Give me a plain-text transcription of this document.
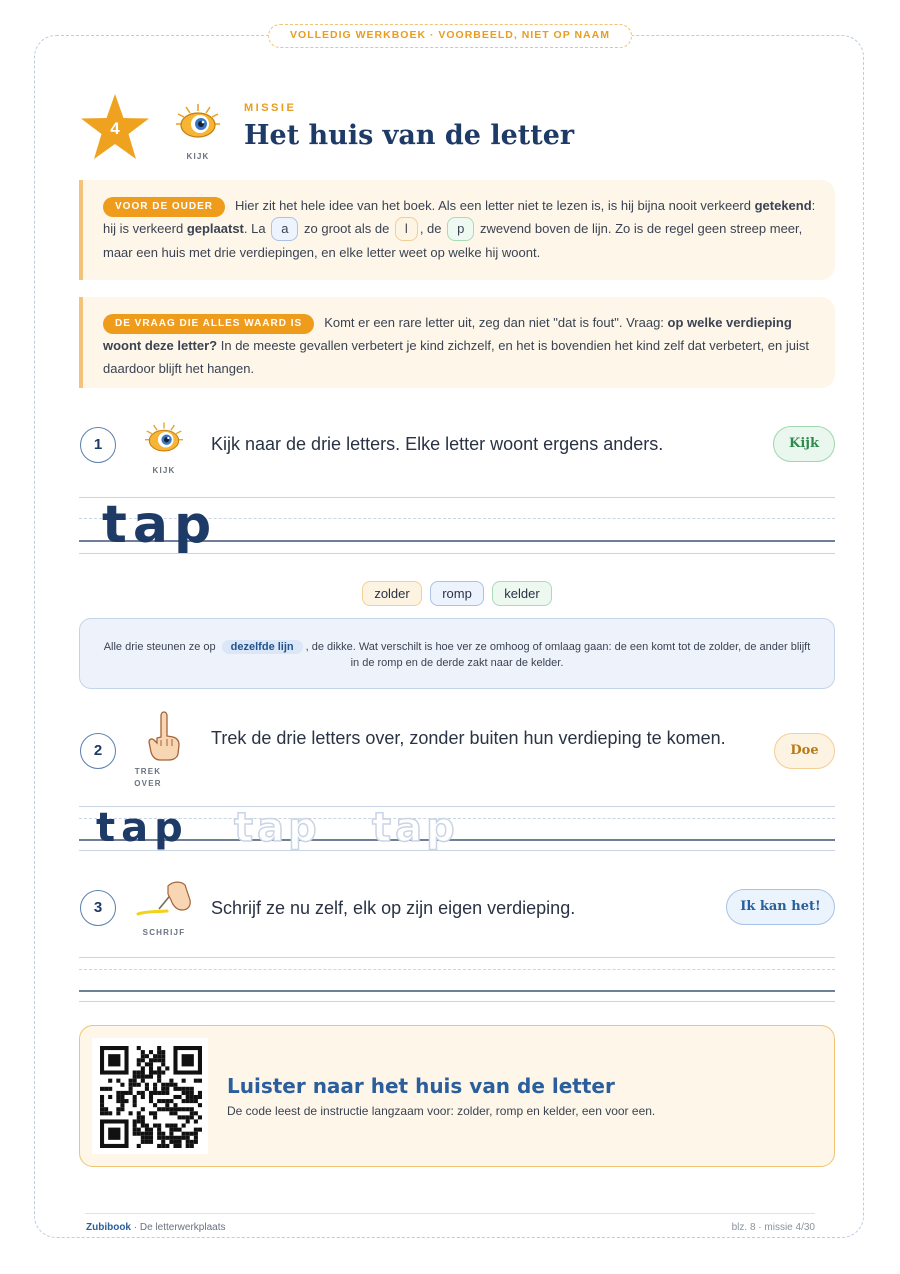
VOLLEDIG WERKBOEK · VOORBEELD, NIET OP NAAM
4
KIJK
MISSIE
Het huis van de letter
VOOR DE OUDER Hier zit het hele idee van het boek. Als een letter niet te lezen is, is hij bijna nooit verkeerd getekend: hij is verkeerd geplaatst. La a zo groot als de l , de p zwevend boven de lijn. Zo is de regel geen streep meer, maar een huis met drie verdiepingen, en elke letter weet op welke hij woont.
DE VRAAG DIE ALLES WAARD IS Komt er een rare letter uit, zeg dan niet "dat is fout". Vraag: op welke verdieping woont deze letter? In de meeste gevallen verbetert je kind zichzelf, en het is bovendien het kind zelf dat verbetert, en juist daardoor blijft het hangen.
1
KIJK
Kijk naar de drie letters. Elke letter woont ergens anders.	Kijk
tap
zolder romp kelder
Alle drie steunen ze op dezelfde lijn , de dikke. Wat verschilt is hoe ver ze omhoog of omlaag gaan: de een komt tot de zolder, de ander blijft in de romp en de derde zakt naar de kelder.
2
TREK OVER
Trek de drie letters over, zonder buiten hun verdieping te komen.
Doe
tap tap tap
3
SCHRIJF
Schrijf ze nu zelf, elk op zijn eigen verdieping.	Ik kan het!
Luister naar het huis van de letter
De code leest de instructie langzaam voor: zolder, romp en kelder, een voor een.
Zubibook · De letterwerkplaats	blz. 8 · missie 4/30
